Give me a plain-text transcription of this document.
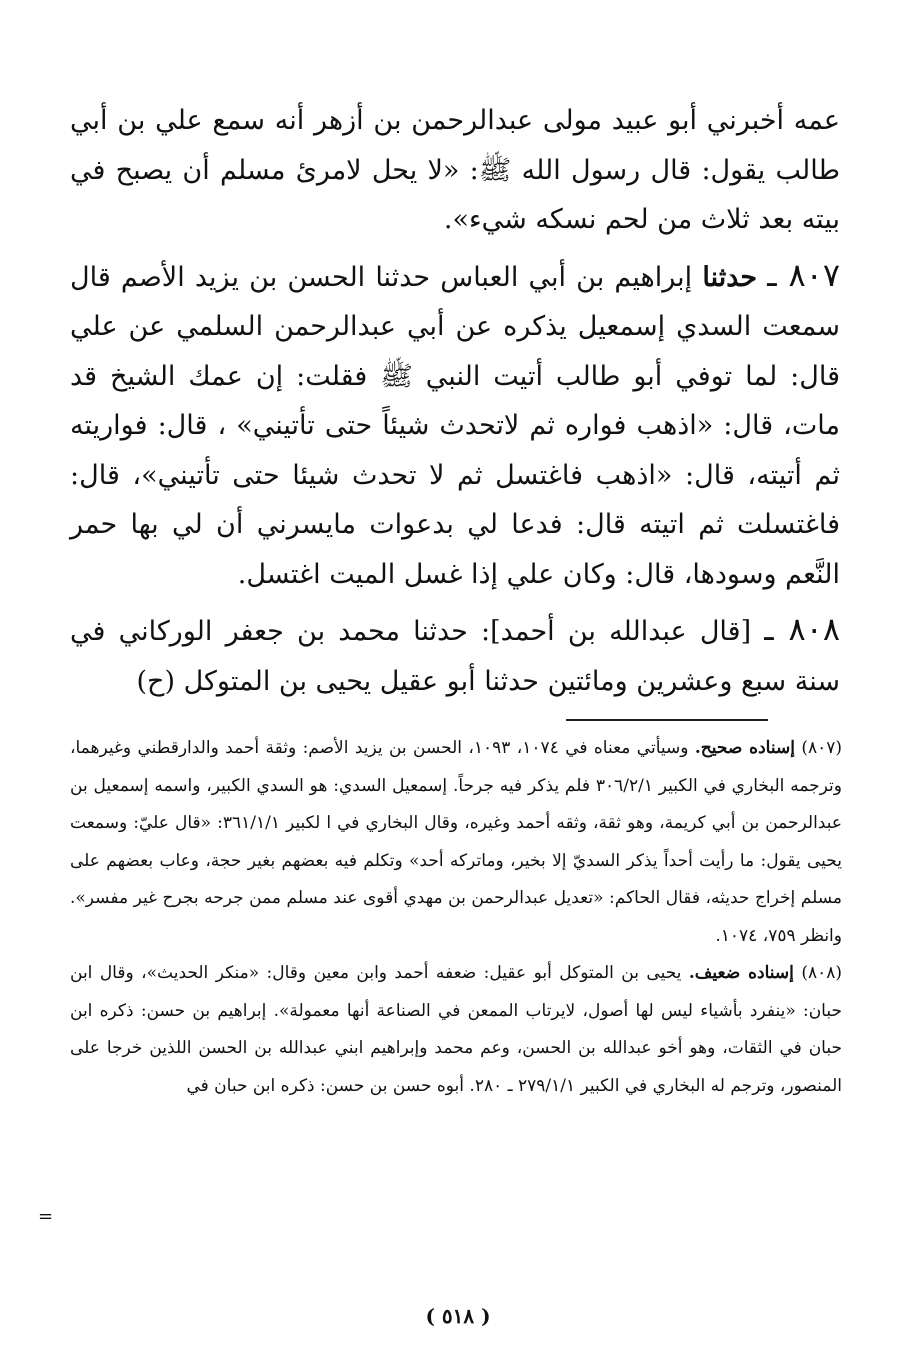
عمه أخبرني أبو عبيد مولى عبدالرحمن بن أزهر أنه سمع علي بن أبي طالب يقول: قال رسول الله ﷺ: «لا يحل لامرئ مسلم أن يصبح في بيته بعد ثلاث من لحم نسكه شيء».

٨٠٧ ـ حدثنا إبراهيم بن أبي العباس حدثنا الحسن بن يزيد الأصم قال سمعت السدي إسمعيل يذكره عن أبي عبدالرحمن السلمي عن علي قال: لما توفي أبو طالب أتيت النبي ﷺ فقلت: إن عمك الشيخ قد مات، قال: «اذهب فواره ثم لاتحدث شيئاً حتى تأتيني» ، قال: فواريته ثم أتيته، قال: «اذهب فاغتسل ثم لا تحدث شيئا حتى تأتيني»، قال: فاغتسلت ثم اتيته قال: فدعا لي بدعوات مايسرني أن لي بها حمر النَّعم وسودها، قال: وكان علي إذا غسل الميت اغتسل.

٨٠٨ ـ [قال عبدالله بن أحمد]: حدثنا محمد بن جعفر الوركاني في سنة سبع وعشرين ومائتين حدثنا أبو عقيل يحيى بن المتوكل (ح)

(٨٠٧) إسناده صحيح. وسيأتي معناه في ١٠٧٤، ١٠٩٣، الحسن بن يزيد الأصم: وثقة أحمد والدارقطني وغيرهما، وترجمه البخاري في الكبير ٣٠٦/٢/١ فلم يذكر فيه جرحاً. إسمعيل السدي: هو السدي الكبير، واسمه إسمعيل بن عبدالرحمن بن أبي كريمة، وهو ثقة، وثقه أحمد وغيره، وقال البخاري في ا لكبير ٣٦١/١/١: «قال عليّ: وسمعت يحيى يقول: ما رأيت أحداً يذكر السديّ إلا بخير، وماتركه أحد» وتكلم فيه بعضهم بغير حجة، وعاب بعضهم على مسلم إخراج حديثه، فقال الحاكم: «تعديل عبدالرحمن بن مهدي أقوى عند مسلم ممن جرحه بجرح غير مفسر». وانظر ٧٥٩، ١٠٧٤.

(٨٠٨) إسناده ضعيف. يحيى بن المتوكل أبو عقيل: ضعفه أحمد وابن معين وقال: «منكر الحديث»، وقال ابن حبان: «ينفرد بأشياء ليس لها أصول، لايرتاب الممعن في الصناعة أنها معمولة». إبراهيم بن حسن: ذكره ابن حبان في الثقات، وهو أخو عبدالله بن الحسن، وعم محمد وإبراهيم ابني عبدالله بن الحسن اللذين خرجا على المنصور، وترجم له البخاري في الكبير ٢٧٩/١/١ ـ ٢٨٠. أبوه حسن بن حسن: ذكره ابن حبان في

=
( ٥١٨ )
